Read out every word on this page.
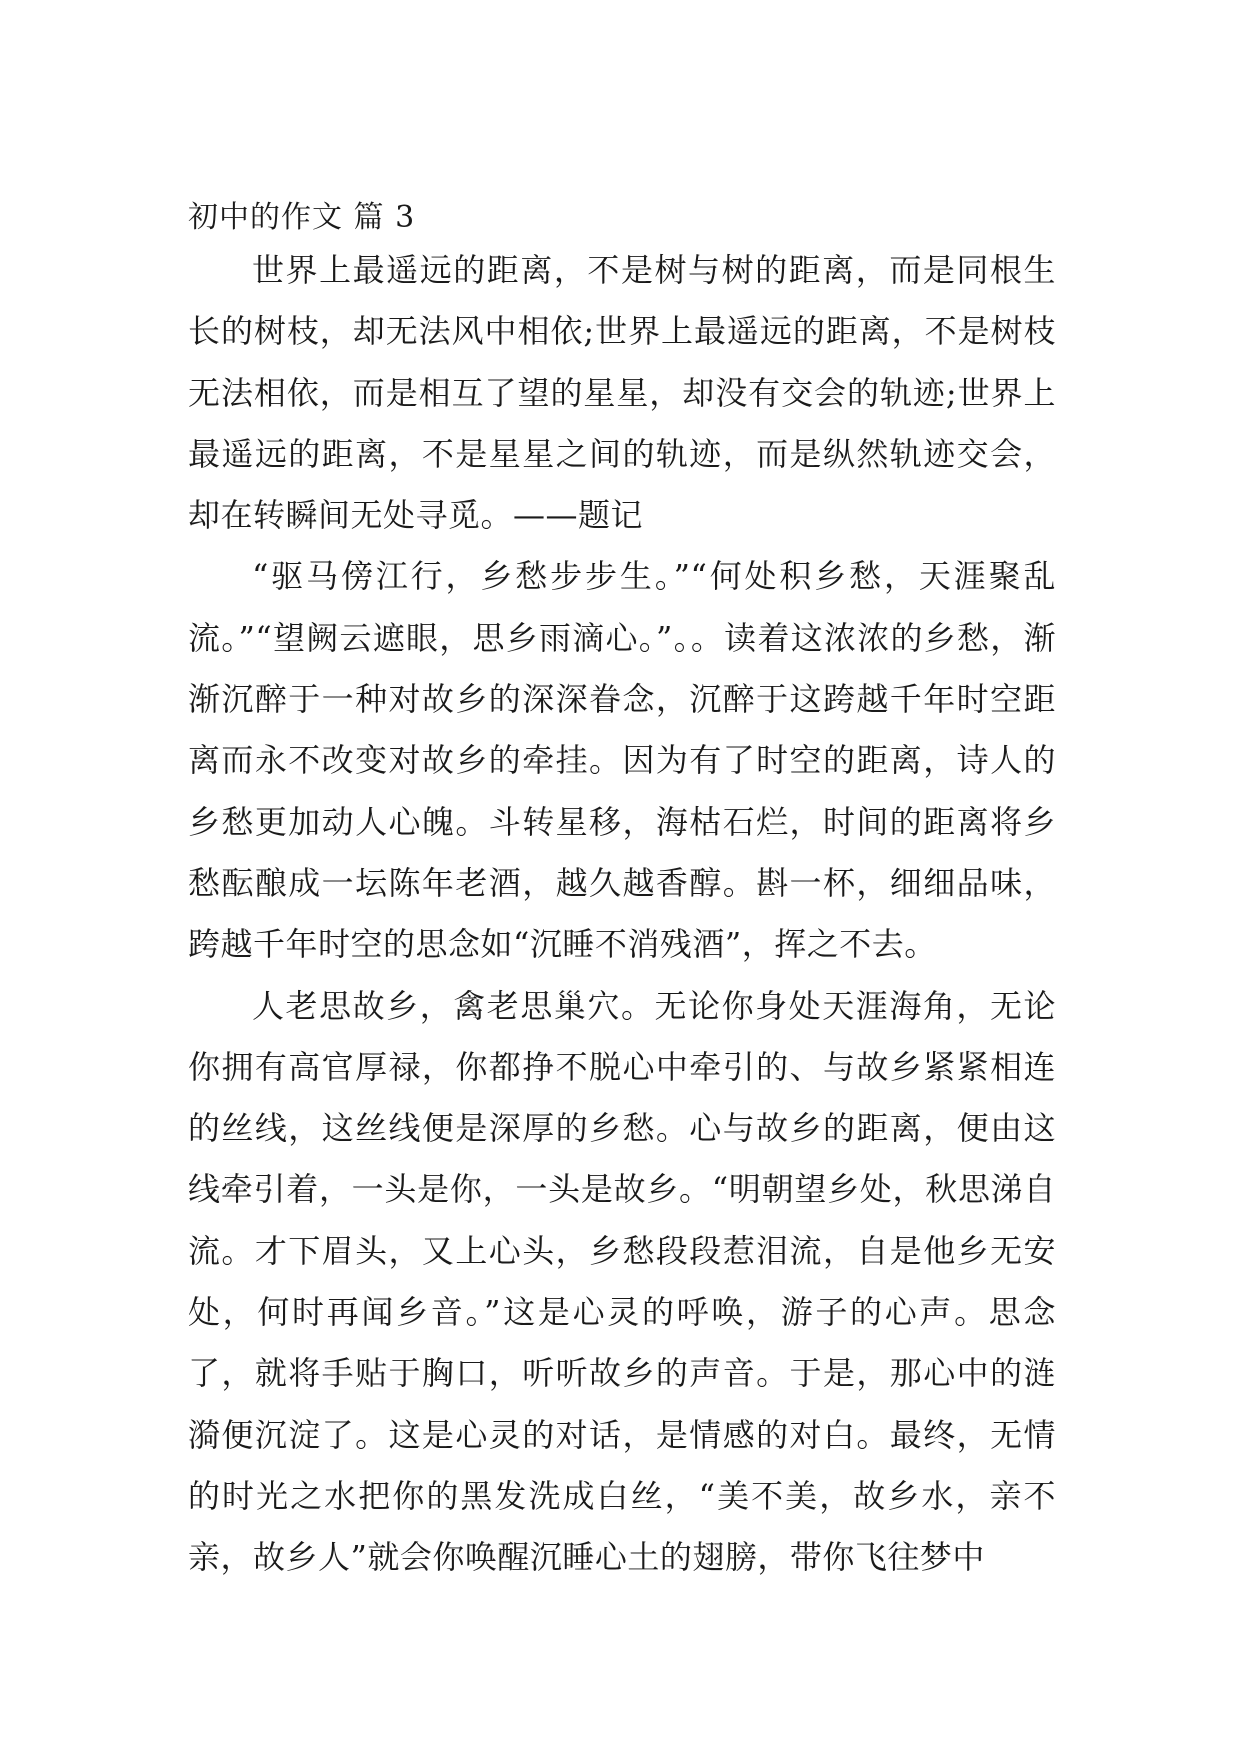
初中的作文 篇 3

世界上最遥远的距离，不是树与树的距离，而是同根生长的树枝，却无法风中相依;世界上最遥远的距离，不是树枝无法相依，而是相互了望的星星，却没有交会的轨迹;世界上最遥远的距离，不是星星之间的轨迹，而是纵然轨迹交会，却在转瞬间无处寻觅。——题记

“驱马傍江行，乡愁步步生。”“何处积乡愁，天涯聚乱流。”“望阙云遮眼，思乡雨滴心。”。。读着这浓浓的乡愁，渐渐沉醉于一种对故乡的深深眷念，沉醉于这跨越千年时空距离而永不改变对故乡的牵挂。因为有了时空的距离，诗人的乡愁更加动人心魄。斗转星移，海枯石烂，时间的距离将乡愁酝酿成一坛陈年老酒，越久越香醇。斟一杯，细细品味，跨越千年时空的思念如“沉睡不消残酒”，挥之不去。

人老思故乡，禽老思巢穴。无论你身处天涯海角，无论你拥有高官厚禄，你都挣不脱心中牵引的、与故乡紧紧相连的丝线，这丝线便是深厚的乡愁。心与故乡的距离，便由这线牵引着，一头是你，一头是故乡。“明朝望乡处，秋思涕自流。才下眉头，又上心头，乡愁段段惹泪流，自是他乡无安处，何时再闻乡音。”这是心灵的呼唤，游子的心声。思念了，就将手贴于胸口，听听故乡的声音。于是，那心中的涟漪便沉淀了。这是心灵的对话，是情感的对白。最终，无情的时光之水把你的黑发洗成白丝，“美不美，故乡水，亲不亲，故乡人”就会你唤醒沉睡心土的翅膀，带你飞往梦中
